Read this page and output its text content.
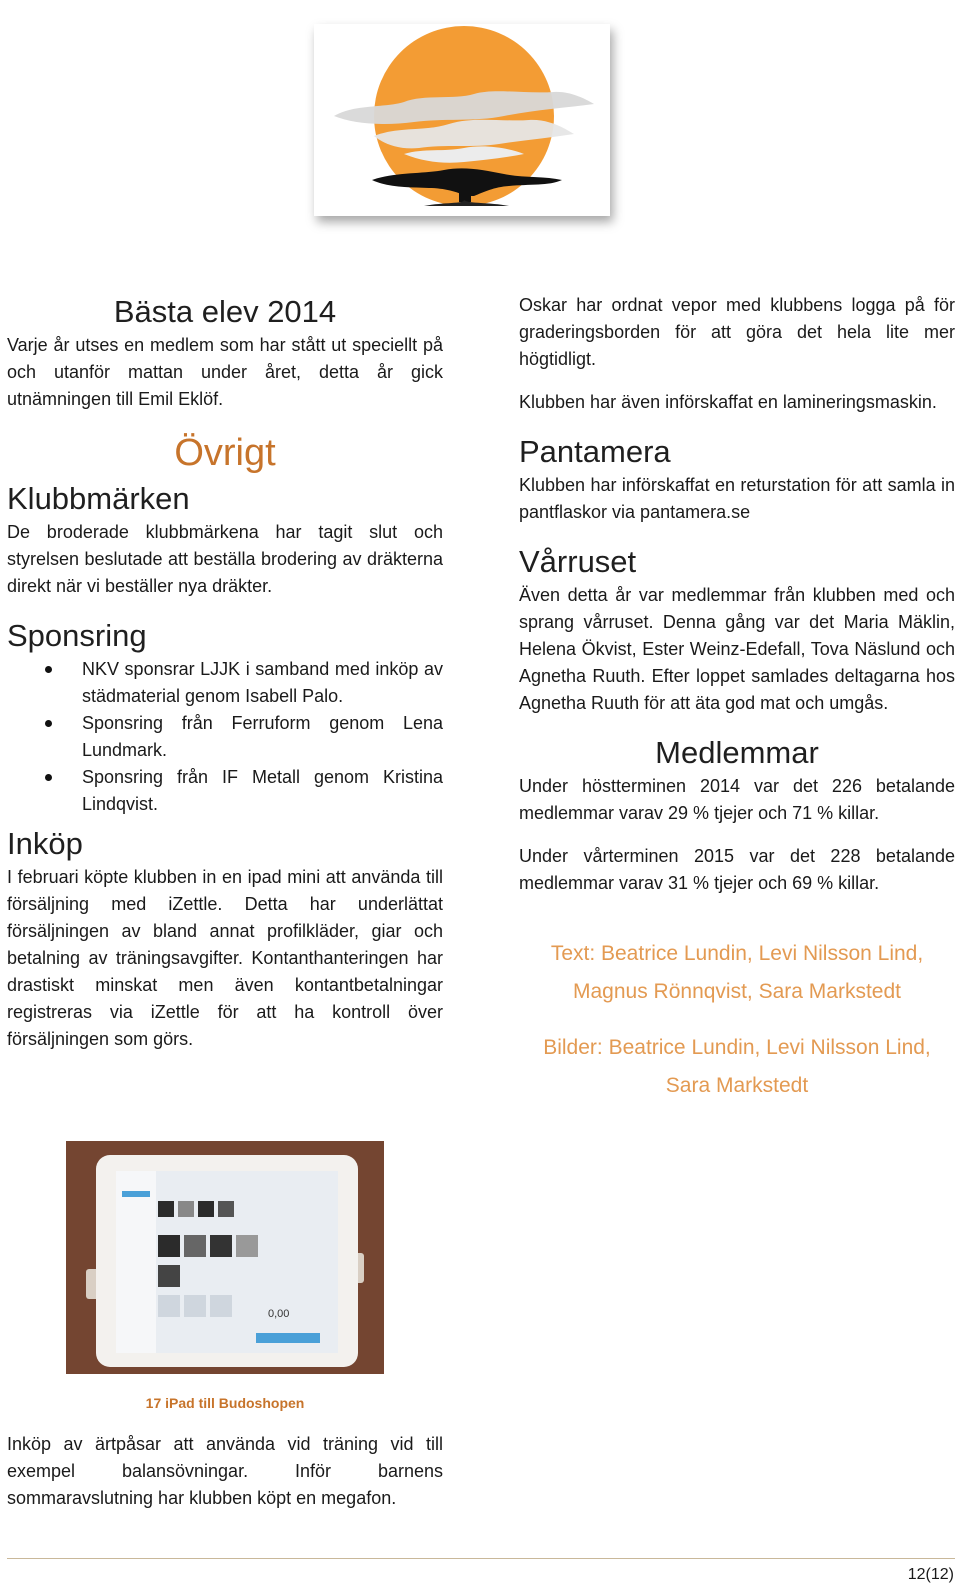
Bästa elev 2014

Varje år utses en medlem som har stått ut speciellt på och utanför mattan under året, detta år gick utnämningen till Emil Eklöf.

Övrigt
Klubbmärken

De broderade klubbmärkena har tagit slut och styrelsen beslutade att beställa brodering av dräkterna direkt när vi beställer nya dräkter.

Sponsring
NKV sponsrar LJJK i samband med inköp av städmaterial genom Isabell Palo.
Sponsring från Ferruform genom Lena Lundmark.
Sponsring från IF Metall genom Kristina Lindqvist.
Inköp

I februari köpte klubben in en ipad mini att använda till försäljning med iZettle. Detta har underlättat försäljningen av bland annat profilkläder, giar och betalning av träningsavgifter. Kontanthanteringen har drastiskt minskat men även kontantbetalningar registreras via iZettle för att ha kontroll över försäljningen som görs.

0,00
17 iPad till Budoshopen

Inköp av ärtpåsar att använda vid träning vid till exempel balansövningar. Inför barnens sommaravslutning har klubben köpt en megafon.

Oskar har ordnat vepor med klubbens logga på för graderingsborden för att göra det hela lite mer högtidligt.

Klubben har även införskaffat en lamineringsmaskin.

Pantamera

Klubben har införskaffat en returstation för att samla in pantflaskor via pantamera.se

Vårruset

Även detta år var medlemmar från klubben med och sprang vårruset. Denna gång var det Maria Mäklin, Helena Ökvist, Ester Weinz-Edefall, Tova Näslund och Agnetha Ruuth. Efter loppet samlades deltagarna hos Agnetha Ruuth för att äta god mat och umgås.

Medlemmar

Under höstterminen 2014 var det 226 betalande medlemmar varav 29 % tjejer och 71 % killar.

Under vårterminen 2015 var det 228 betalande medlemmar varav 31 % tjejer och 69 % killar.

Text: Beatrice Lundin, Levi Nilsson Lind,
Magnus Rönnqvist, Sara Markstedt
Bilder: Beatrice Lundin, Levi Nilsson Lind,
Sara Markstedt
12(12)
